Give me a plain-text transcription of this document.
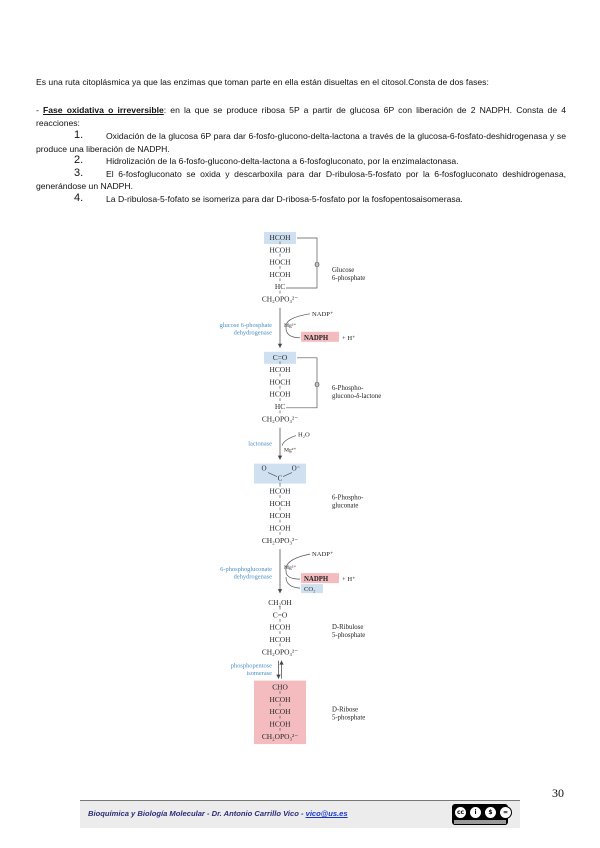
Es una ruta citoplásmica ya que las enzimas que toman parte en ella están disueltas en el citosol.Consta de dos fases:

- Fase oxidativa o irreversible: en la que se produce ribosa 5P a partir de glucosa 6P con liberación de 2 NADPH. Consta de 4 reacciones:

1.	Oxidación de la glucosa 6P para dar 6-fosfo-glucono-delta-lactona a través de la glucosa-6-fosfato-deshidrogenasa y se produce una liberación de NADPH.
2.	Hidrolización de la 6-fosfo-glucono-delta-lactona a 6-fosfogluconato, por la enzimalactonasa.
3.	El 6-fosfogluconato se oxida y descarboxila para dar D-ribulosa-5-fosfato por la 6-fosfogluconato deshidrogenasa, generándose un NADPH.
4.	La D-ribulosa-5-fofato se isomeriza para dar D-ribosa-5-fosfato por la fosfopentosaisomerasa.
HCOH
HCOH
HOCH
HCOH
HC
CH₂OPO₃²⁻
O
Glucose
6-phosphate
glucose 6-phosphate
dehydrogenase
Mg²⁺
NADP⁺
NADPH + H⁺
C=O
HCOH
HOCH
HCOH
HC
CH₂OPO₃²⁻
O 6-Phospho-
glucono-δ-lactone
lactonase
Mg²⁺
H₂O
O
C
O⁻
HCOH
HOCH
HCOH
HCOH
CH₂OPO₃²⁻
6-Phospho-
gluconate
6-phosphogluconate
dehydrogenase
Mg²⁺
NADP⁺
NADPH + H⁺
CO₂
CH₂OH
C=O
HCOH
HCOH
CH₂OPO₃²⁻
D-Ribulose
5-phosphate
phosphopentose
isomerase
CHO
HCOH
HCOH
HCOH
CH₂OPO₃²⁻
D-Ribose
5-phosphate
30
Bioquímica y Biología Molecular - Dr. Antonio Carrillo Vico - vico@us.es	cc	i	$	=
